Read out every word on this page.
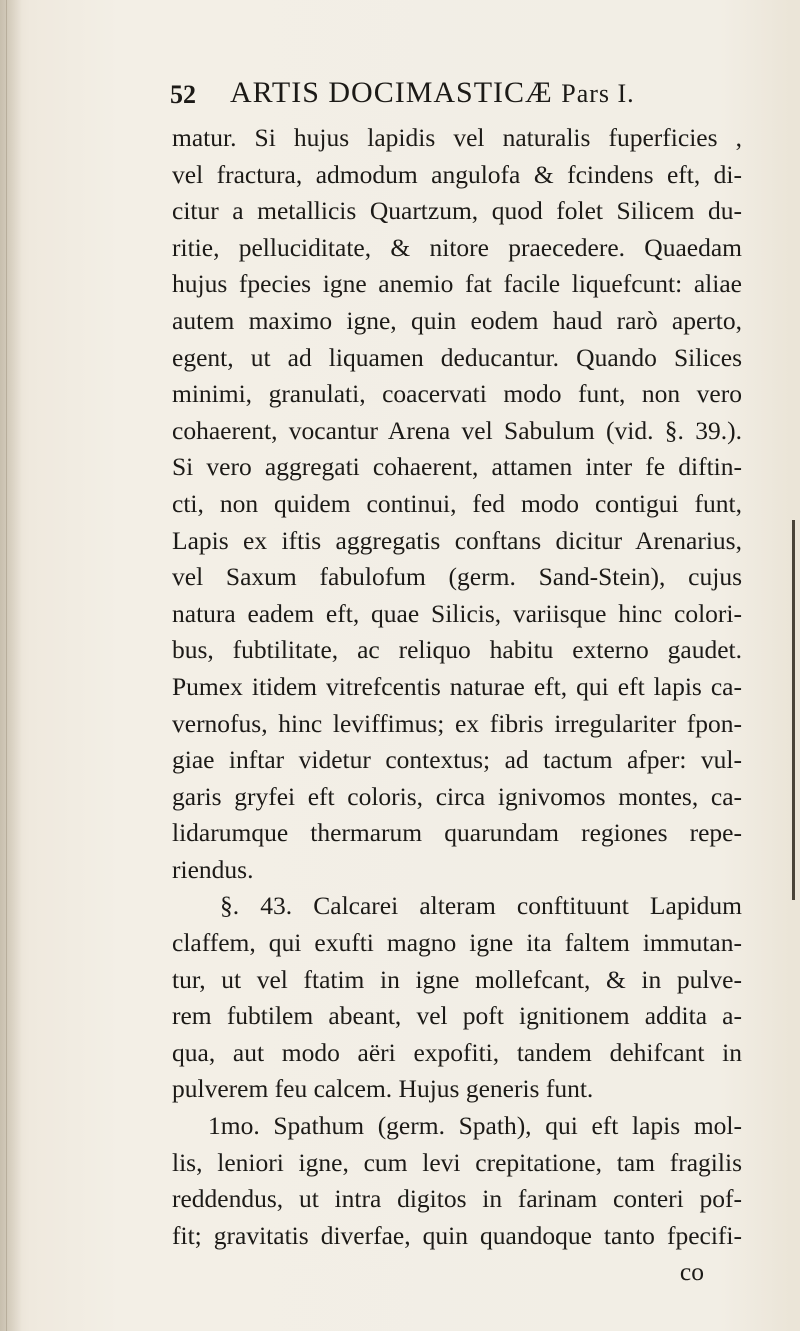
52 ARTIS DOCIMASTICÆ Pars I.
matur. Si hujus lapidis vel naturalis fuperficies ,
vel fractura, admodum angulofa & fcindens eft, di-
citur a metallicis Quartzum, quod folet Silicem du-
ritie, pelluciditate, & nitore praecedere. Quaedam
hujus fpecies igne anemio fat facile liquefcunt: aliae
autem maximo igne, quin eodem haud rarò aperto,
egent, ut ad liquamen deducantur. Quando Silices
minimi, granulati, coacervati modo funt, non vero
cohaerent, vocantur Arena vel Sabulum (vid. §. 39.).
Si vero aggregati cohaerent, attamen inter fe diftin-
cti, non quidem continui, fed modo contigui funt,
Lapis ex iftis aggregatis conftans dicitur Arenarius,
vel Saxum fabulofum (germ. Sand-Stein), cujus
natura eadem eft, quae Silicis, variisque hinc colori-
bus, fubtilitate, ac reliquo habitu externo gaudet.
Pumex itidem vitrefcentis naturae eft, qui eft lapis ca-
vernofus, hinc leviffimus; ex fibris irregulariter fpon-
giae inftar videtur contextus; ad tactum afper: vul-
garis gryfei eft coloris, circa ignivomos montes, ca-
lidarumque thermarum quarundam regiones repe-
riendus.
§. 43. Calcarei alteram conftituunt Lapidum
claffem, qui exufti magno igne ita faltem immutan-
tur, ut vel ftatim in igne mollefcant, & in pulve-
rem fubtilem abeant, vel poft ignitionem addita a-
qua, aut modo aëri expofiti, tandem dehifcant in
pulverem feu calcem. Hujus generis funt.
1mo. Spathum (germ. Spath), qui eft lapis mol-
lis, leniori igne, cum levi crepitatione, tam fragilis
reddendus, ut intra digitos in farinam conteri pof-
fit; gravitatis diverfae, quin quandoque tanto fpecifi-
co
